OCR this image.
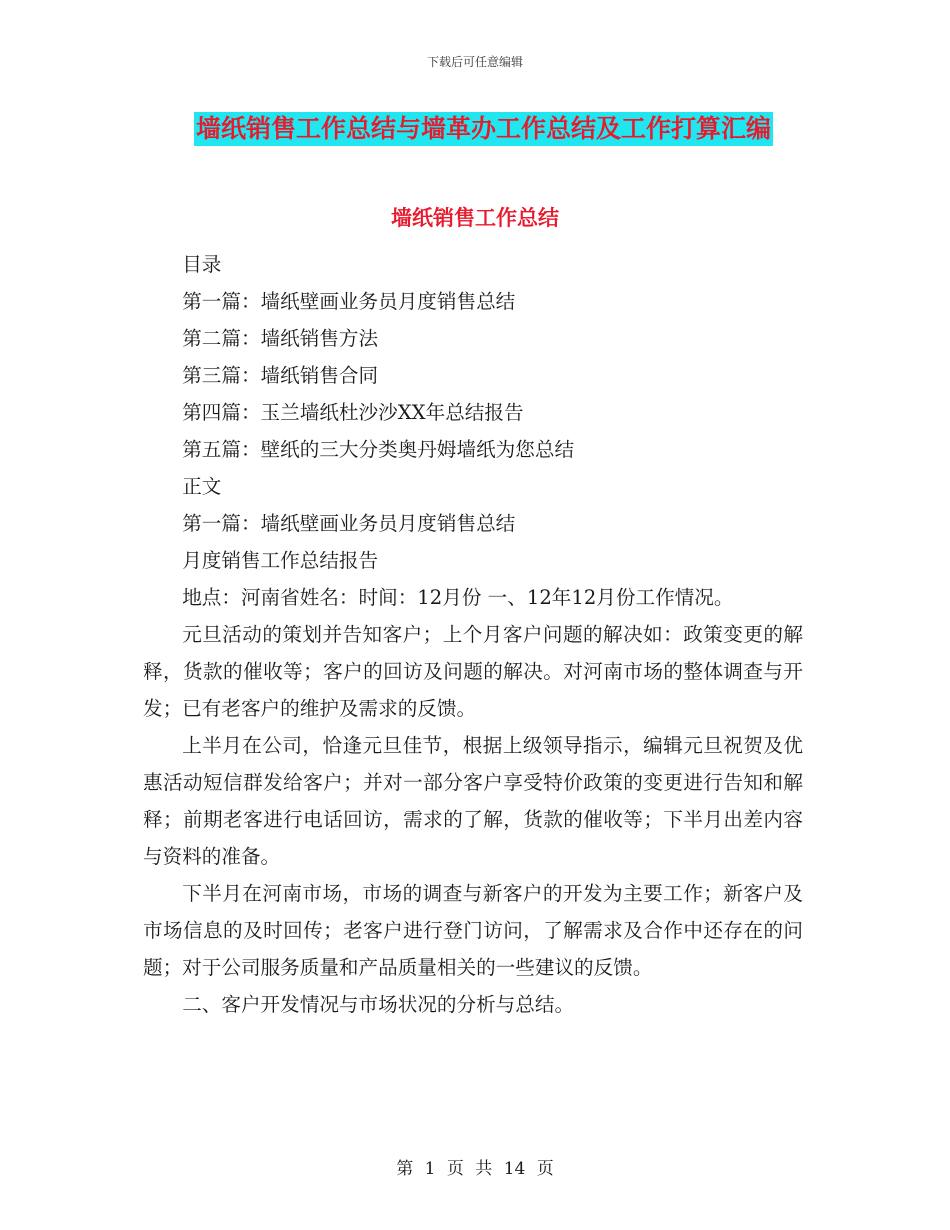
下载后可任意编辑
墙纸销售工作总结与墙革办工作总结及工作打算汇编
墙纸销售工作总结

目录

第一篇：墙纸壁画业务员月度销售总结

第二篇：墙纸销售方法

第三篇：墙纸销售合同

第四篇：玉兰墙纸杜沙沙XX年总结报告

第五篇：壁纸的三大分类奥丹姆墙纸为您总结

正文

第一篇：墙纸壁画业务员月度销售总结

月度销售工作总结报告

地点：河南省姓名：时间：12月份 一、12年12月份工作情况。

元旦活动的策划并告知客户；上个月客户问题的解决如：政策变更的解释，货款的催收等；客户的回访及问题的解决。对河南市场的整体调查与开发；已有老客户的维护及需求的反馈。

上半月在公司，恰逢元旦佳节，根据上级领导指示，编辑元旦祝贺及优惠活动短信群发给客户；并对一部分客户享受特价政策的变更进行告知和解释；前期老客进行电话回访，需求的了解，货款的催收等；下半月出差内容与资料的准备。

下半月在河南市场，市场的调查与新客户的开发为主要工作；新客户及市场信息的及时回传；老客户进行登门访问，了解需求及合作中还存在的问题；对于公司服务质量和产品质量相关的一些建议的反馈。

二、客户开发情况与市场状况的分析与总结。

第 1 页 共 14 页
